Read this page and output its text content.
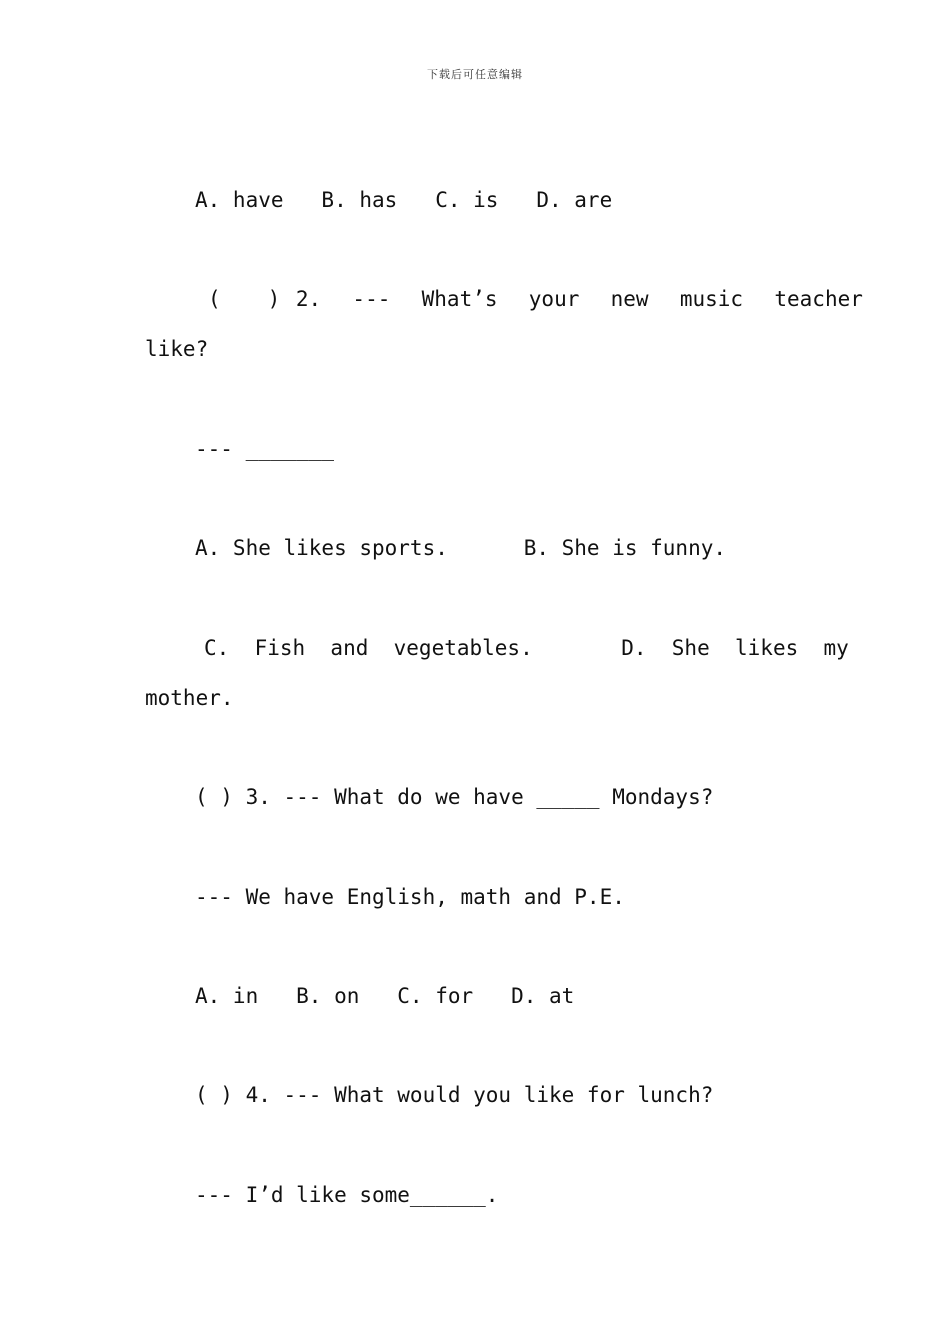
下载后可任意编辑
A. have   B. has   C. is   D. are
(   ) 2.  ---  What’s  your  new  music  teacher
like?
--- _______
A. She likes sports.      B. She is funny.
C.  Fish  and  vegetables.       D.  She  likes  my
mother.
( ) 3. --- What do we have _____ Mondays?
--- We have English, math and P.E.
A. in   B. on   C. for   D. at
( ) 4. --- What would you like for lunch?
--- I’d like some______.
